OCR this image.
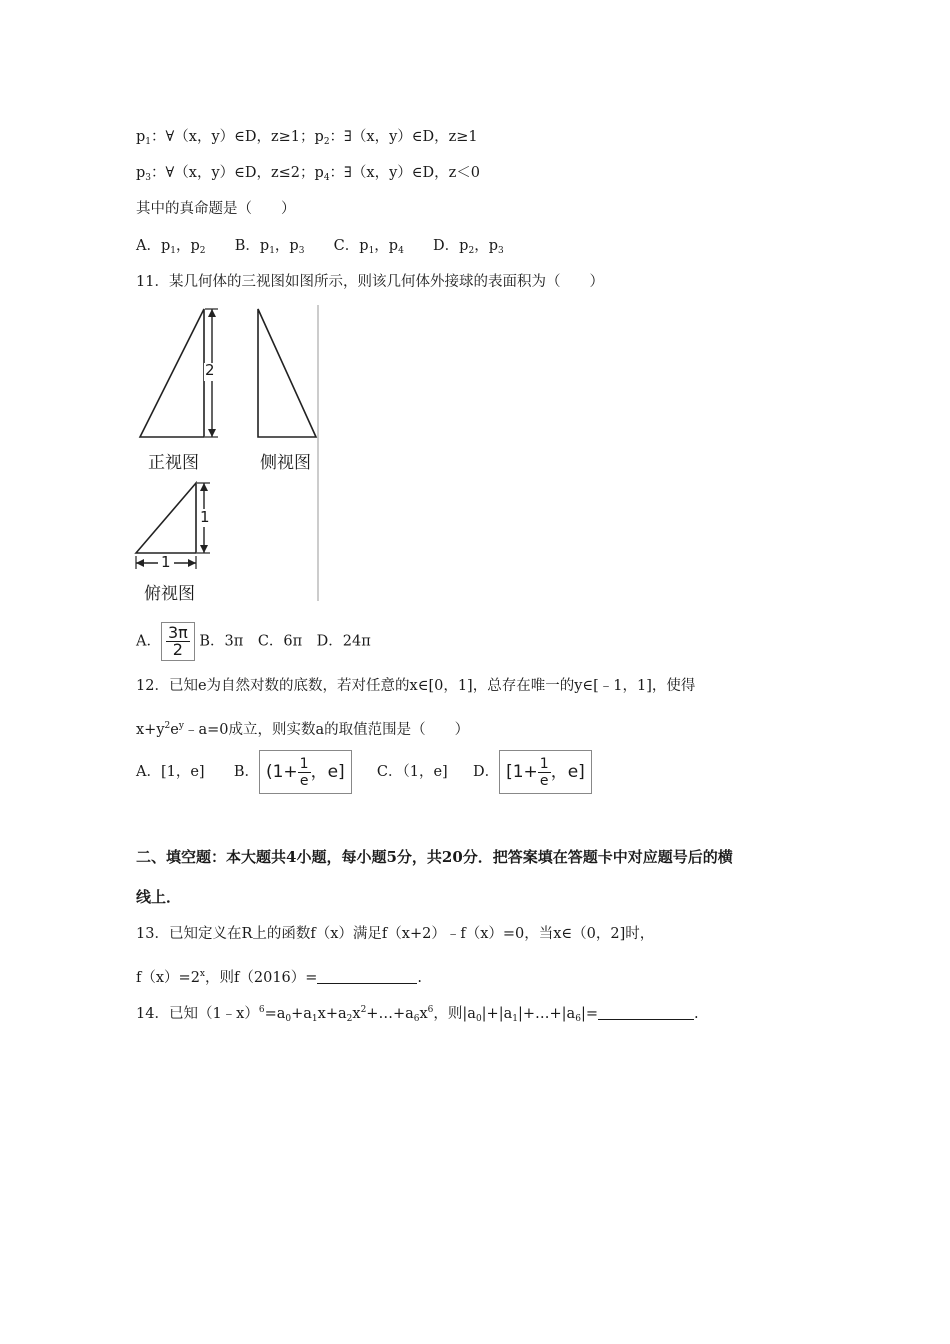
$p_1$：∀（x，y）∈D，z≥1；$p_2$：∃（x，y）∈D，z≥1
$p_3$：∀（x，y）∈D，z≤2；$p_4$：∃（x，y）∈D，z＜0
其中的真命题是（　　）
A．$p_1$，$p_2$ B．$p_1$，$p_3$ C．$p_1$，$p_4$ D．$p_2$，$p_3$
11．某几何体的三视图如图所示，则该几何体外接球的表面积为（　　）
2
正视图	侧视图
1
1
俯视图
A． $\frac{3\pi}{2}$ B．3π　C．6π　D．24π
12．已知e为自然对数的底数，若对任意的x∈[0，1]，总存在唯一的y∈[﹣1，1]，使得
$x+y^2e^y﹣a=0$成立，则实数a的取值范围是（　　）
A．[1，e] B． ($1+ \frac{1}{e}$ ，e] C．（1，e] D． [$1+ \frac{1}{e}$ ，e]
二、填空题：本大题共4小题，每小题5分，共20分．把答案填在答题卡中对应题号后的横
线上．
13．已知定义在R上的函数f（x）满足f（x+2）﹣f（x）=0，当x∈（0，2]时，
$f(x)=2^x$，则f（2016）=	.
14．已知$(1﹣x)^6=a_0+a_1x+a_2x^2+\dots+a_6x^6$，则$|a_0|+|a_1|+\dots+|a_6|=$	.
